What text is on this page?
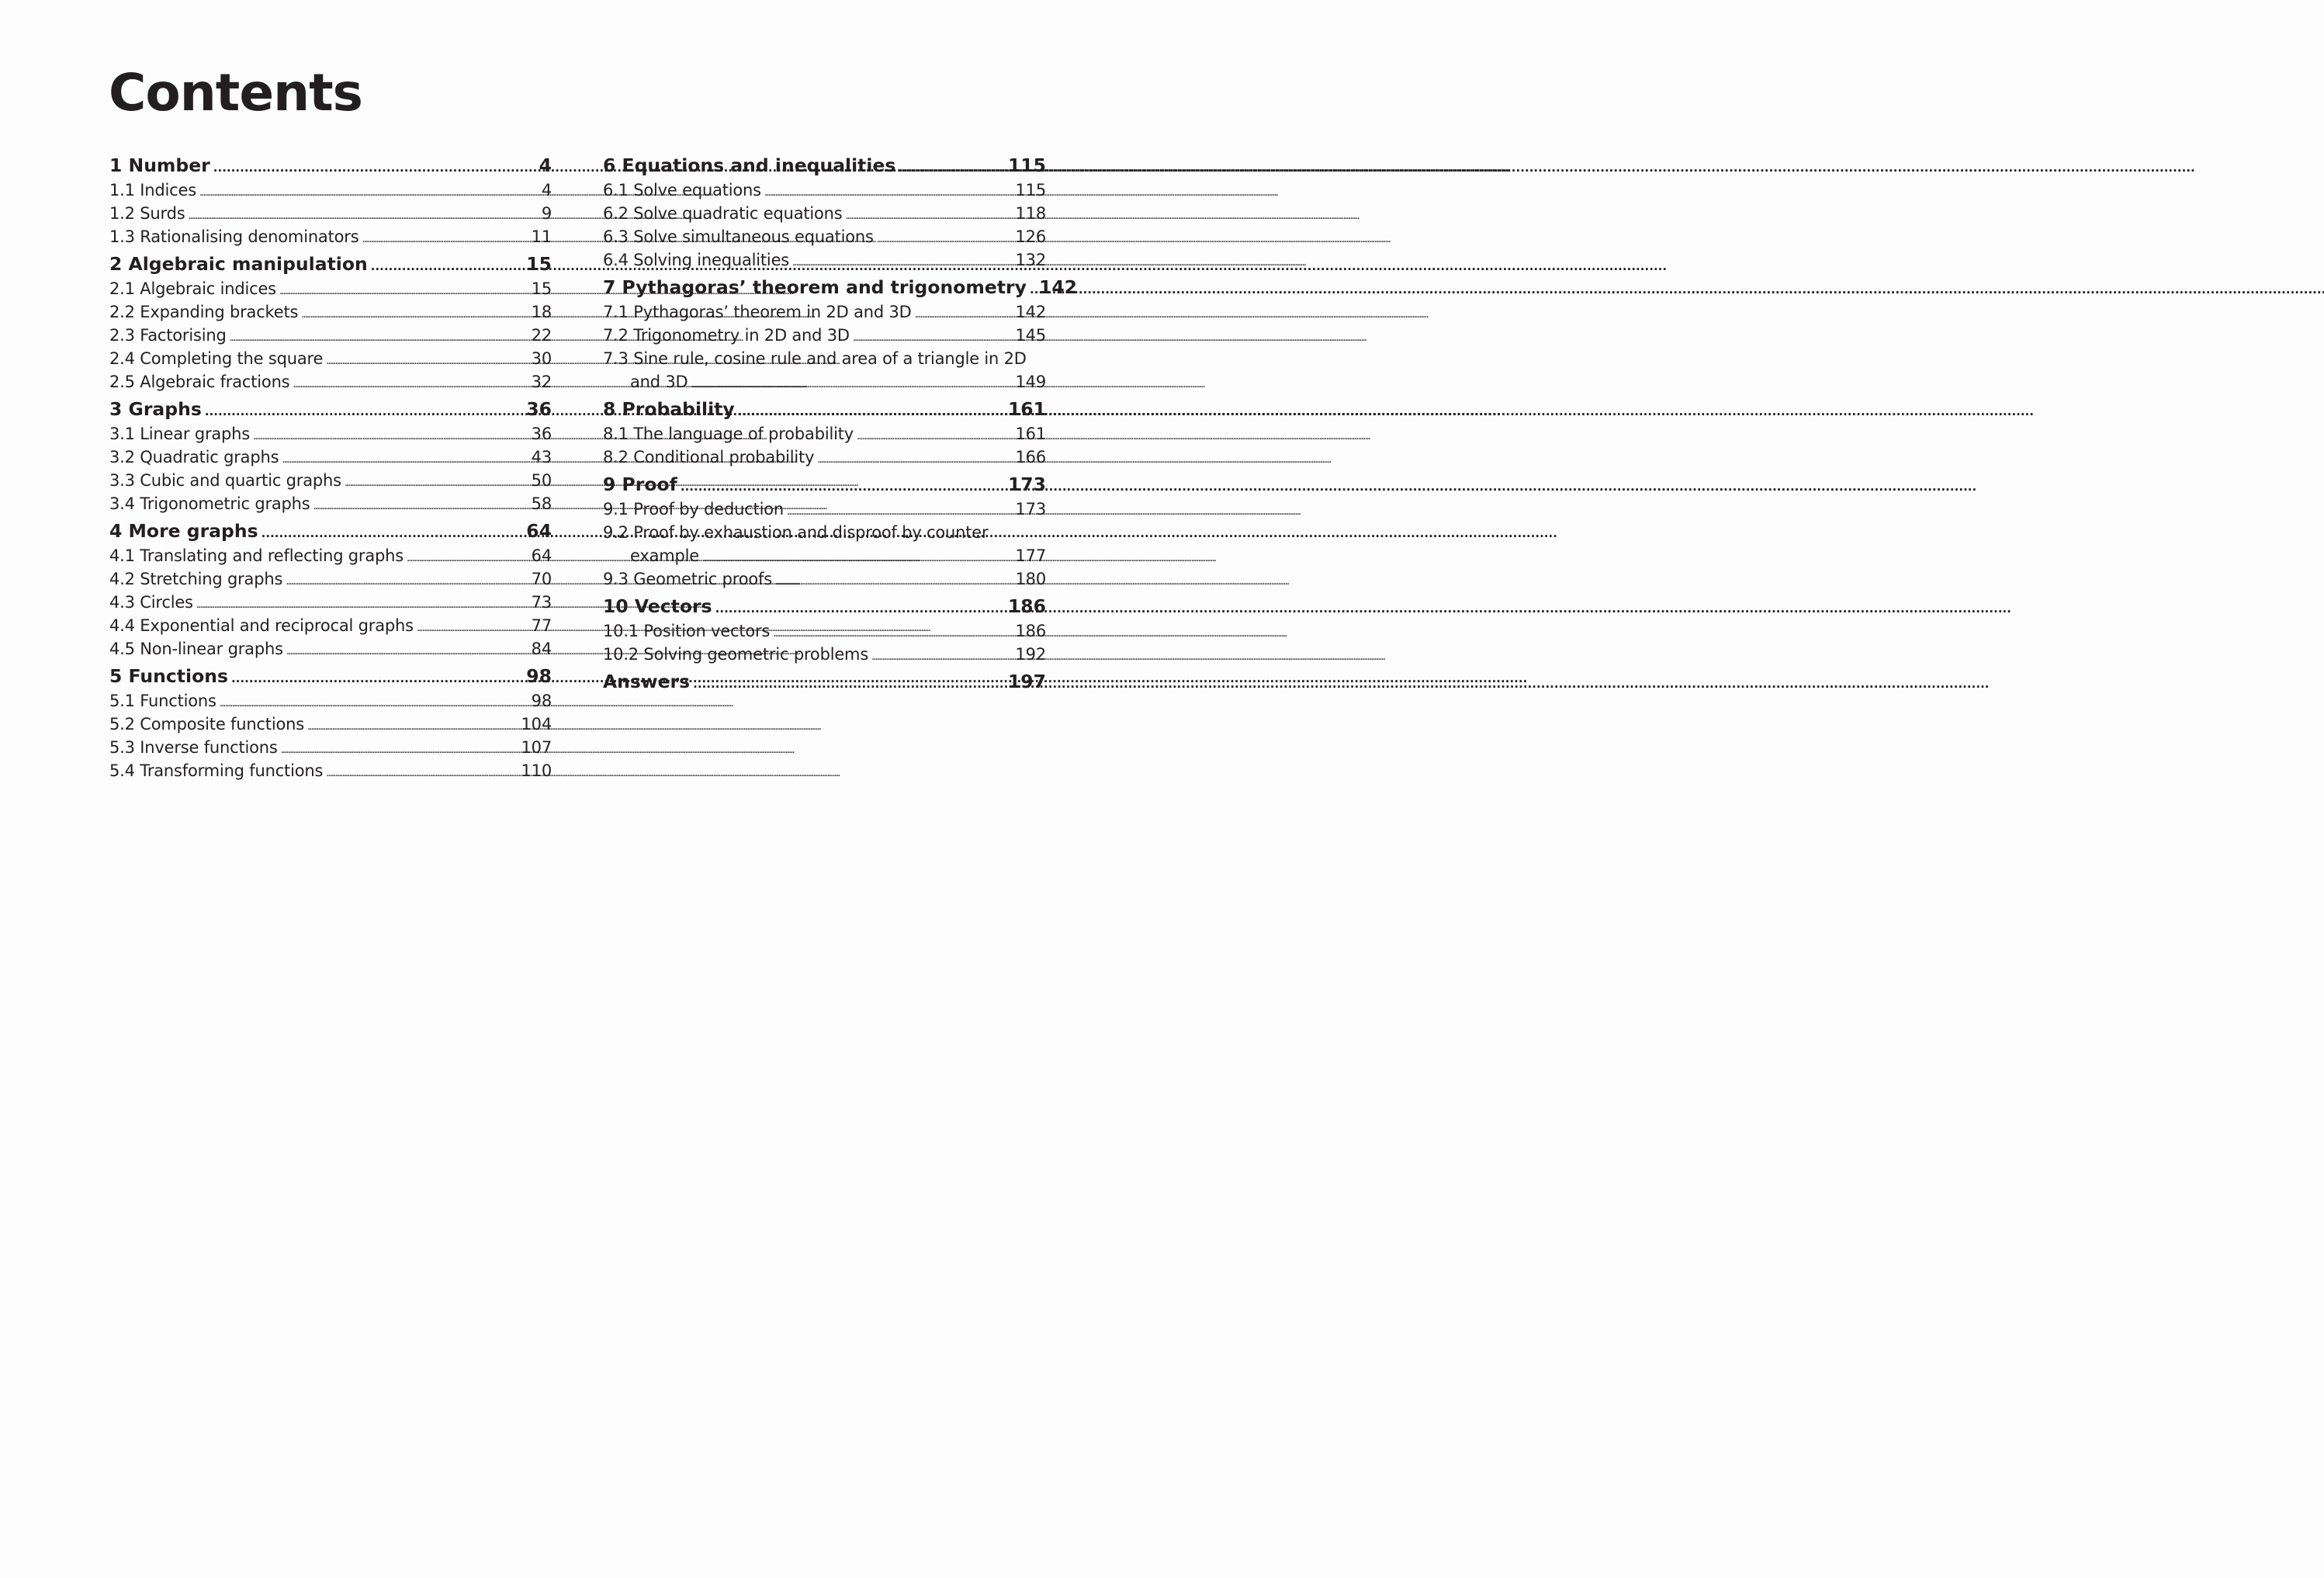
Contents
1 Number . . .	4
1.1 Indices . . .	4
1.2 Surds . . .	9
1.3 Rationalising denominators . . .	11
2 Algebraic manipulation . . .	15
2.1 Algebraic indices . . .	15
2.2 Expanding brackets . . .	18
2.3 Factorising . . .	22
2.4 Completing the square . . .	30
2.5 Algebraic fractions . . .	32
3 Graphs . . .	36
3.1 Linear graphs . . .	36
3.2 Quadratic graphs . . .	43
3.3 Cubic and quartic graphs . . .	50
3.4 Trigonometric graphs . . .	58
4 More graphs . . .	64
4.1 Translating and reflecting graphs . . .	64
4.2 Stretching graphs . . .	70
4.3 Circles . . .	73
4.4 Exponential and reciprocal graphs . . .	77
4.5 Non-linear graphs . . .	84
5 Functions . . .	98
5.1 Functions . . .	98
5.2 Composite functions . . .	104
5.3 Inverse functions . . .	107
5.4 Transforming functions . . .	110
6 Equations and inequalities . . .	115
6.1 Solve equations . . .	115
6.2 Solve quadratic equations . . .	118
6.3 Solve simultaneous equations . . .	126
6.4 Solving inequalities . . .	132
7 Pythagoras’ theorem and trigonometry . . . 142
7.1 Pythagoras’ theorem in 2D and 3D . . .	142
7.2 Trigonometry in 2D and 3D . . .	145
7.3 Sine rule, cosine rule and area of a triangle in 2D
and 3D . . .	149
8 Probability . . .	161
8.1 The language of probability . . .	161
8.2 Conditional probability . . .	166
9 Proof . . .	173
9.1 Proof by deduction . . .	173
9.2 Proof by exhaustion and disproof by counter
example . . .	177
9.3 Geometric proofs . . .	180
10 Vectors . . .	186
10.1 Position vectors . . .	186
10.2 Solving geometric problems . . .	192
Answers . . .	197
